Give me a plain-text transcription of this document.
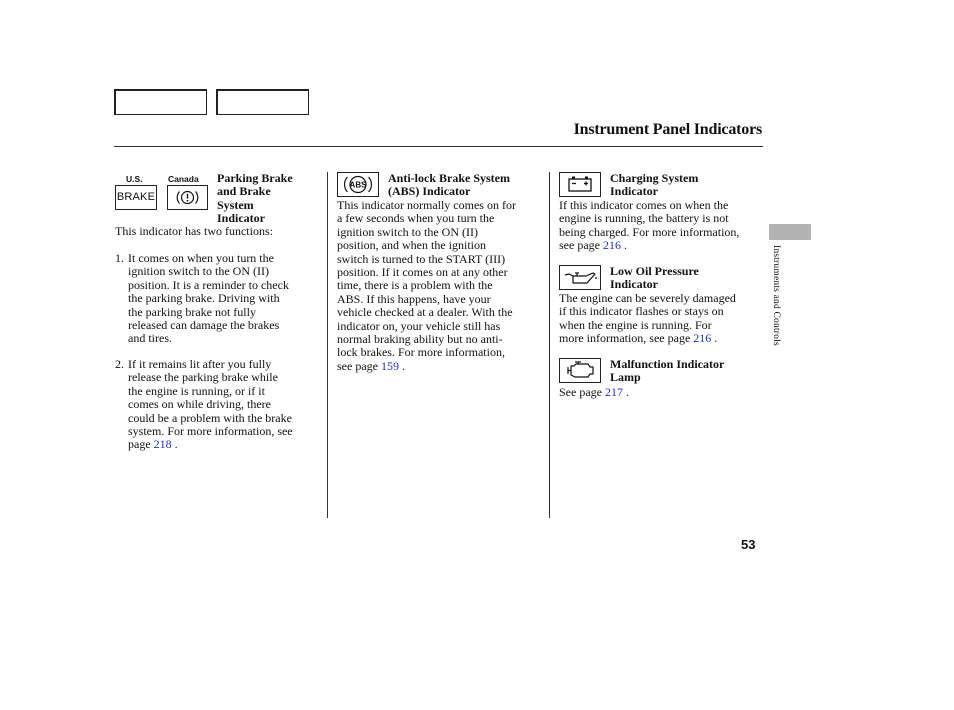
Instrument Panel Indicators
Instruments and Controls
53
U.S.	Canada
BRAKE
Parking Brake
and Brake
System
Indicator
This indicator has two functions:
1. It comes on when you turn the
ignition switch to the ON (II)
position. It is a reminder to check
the parking brake. Driving with
the parking brake not fully
released can damage the brakes
and tires.
2. If it remains lit after you fully
release the parking brake while
the engine is running, or if it
comes on while driving, there
could be a problem with the brake
system. For more information, see
page 218 .
ABS
Anti-lock Brake System
(ABS) Indicator
This indicator normally comes on for
a few seconds when you turn the
ignition switch to the ON (II)
position, and when the ignition
switch is turned to the START (III)
position. If it comes on at any other
time, there is a problem with the
ABS. If this happens, have your
vehicle checked at a dealer. With the
indicator on, your vehicle still has
normal braking ability but no anti-
lock brakes. For more information,
see page 159 .
Charging System
Indicator
If this indicator comes on when the
engine is running, the battery is not
being charged. For more information,
see page 216 .
Low Oil Pressure
Indicator
The engine can be severely damaged
if this indicator flashes or stays on
when the engine is running. For
more information, see page 216 .
Malfunction Indicator
Lamp
See page 217 .
